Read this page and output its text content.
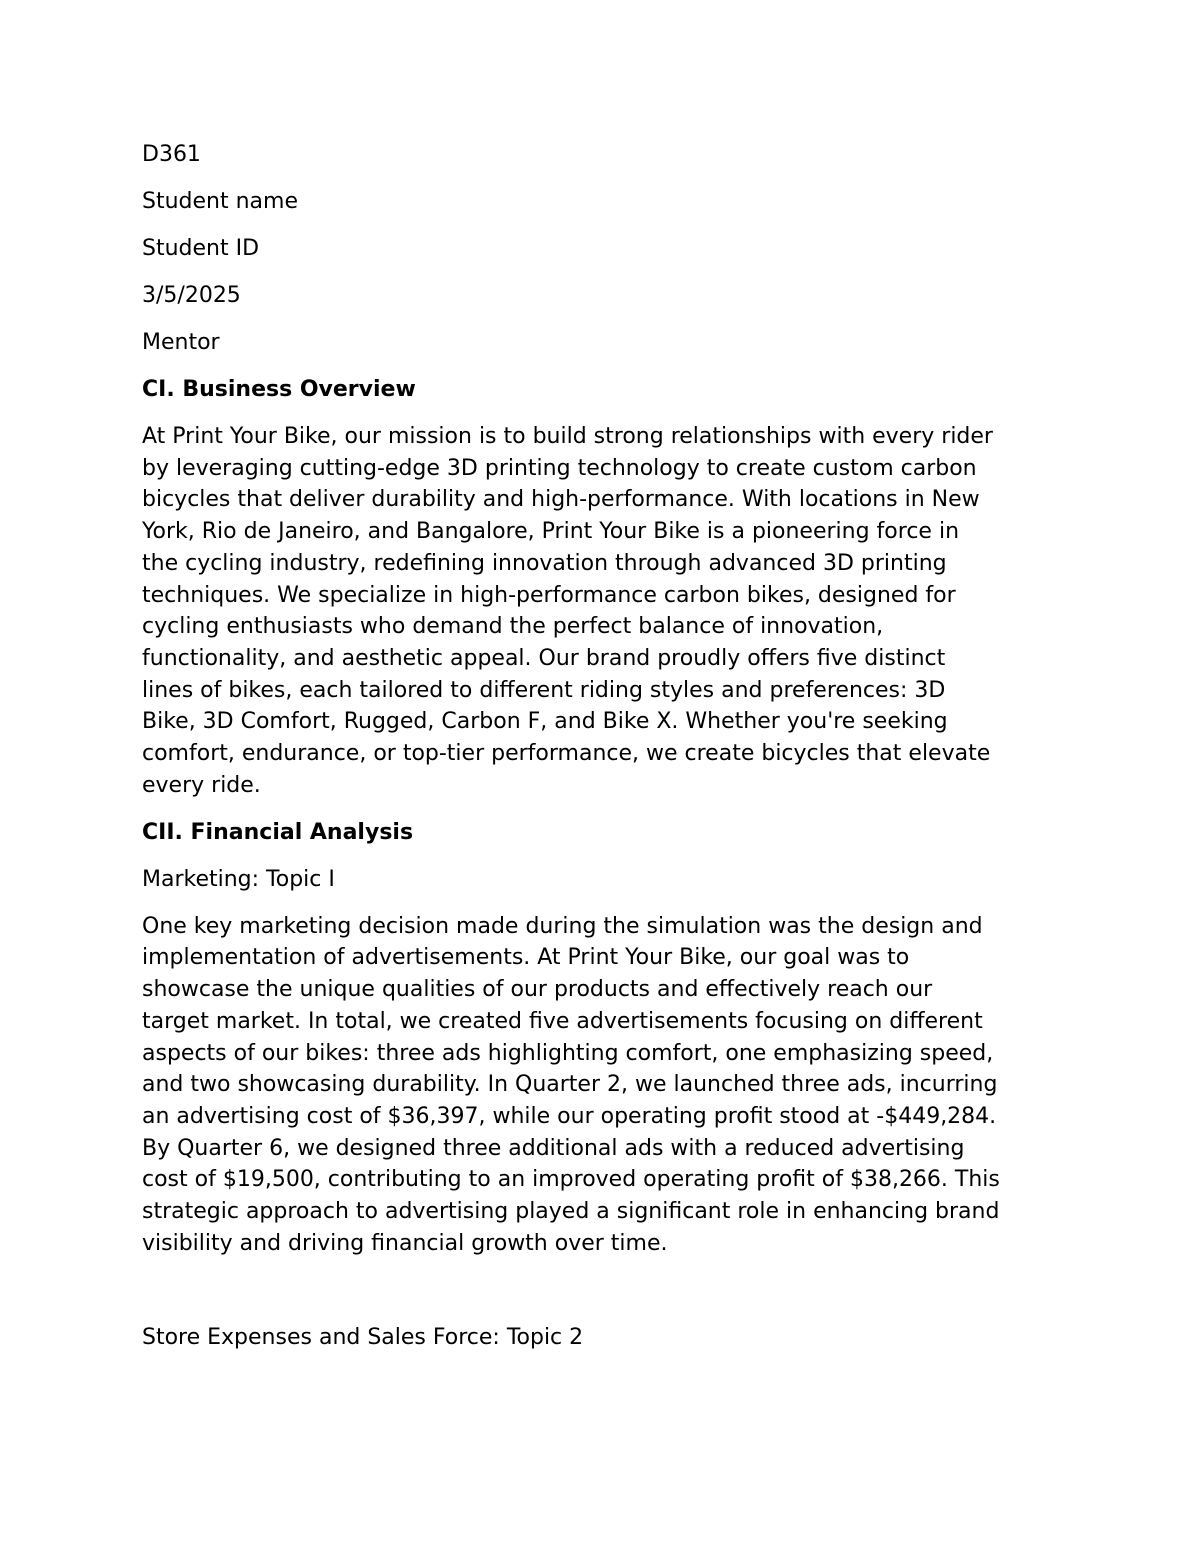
D361
Student name
Student ID
3/5/2025
Mentor
CI. Business Overview
At Print Your Bike, our mission is to build strong relationships with every rider
by leveraging cutting-edge 3D printing technology to create custom carbon
bicycles that deliver durability and high-performance. With locations in New
York, Rio de Janeiro, and Bangalore, Print Your Bike is a pioneering force in
the cycling industry, redefining innovation through advanced 3D printing
techniques. We specialize in high-performance carbon bikes, designed for
cycling enthusiasts who demand the perfect balance of innovation,
functionality, and aesthetic appeal. Our brand proudly offers five distinct
lines of bikes, each tailored to different riding styles and preferences: 3D
Bike, 3D Comfort, Rugged, Carbon F, and Bike X. Whether you're seeking
comfort, endurance, or top-tier performance, we create bicycles that elevate
every ride.
CII. Financial Analysis
Marketing: Topic I
One key marketing decision made during the simulation was the design and
implementation of advertisements. At Print Your Bike, our goal was to
showcase the unique qualities of our products and effectively reach our
target market. In total, we created five advertisements focusing on different
aspects of our bikes: three ads highlighting comfort, one emphasizing speed,
and two showcasing durability. In Quarter 2, we launched three ads, incurring
an advertising cost of $36,397, while our operating profit stood at -$449,284.
By Quarter 6, we designed three additional ads with a reduced advertising
cost of $19,500, contributing to an improved operating profit of $38,266. This
strategic approach to advertising played a significant role in enhancing brand
visibility and driving financial growth over time.
Store Expenses and Sales Force: Topic 2
